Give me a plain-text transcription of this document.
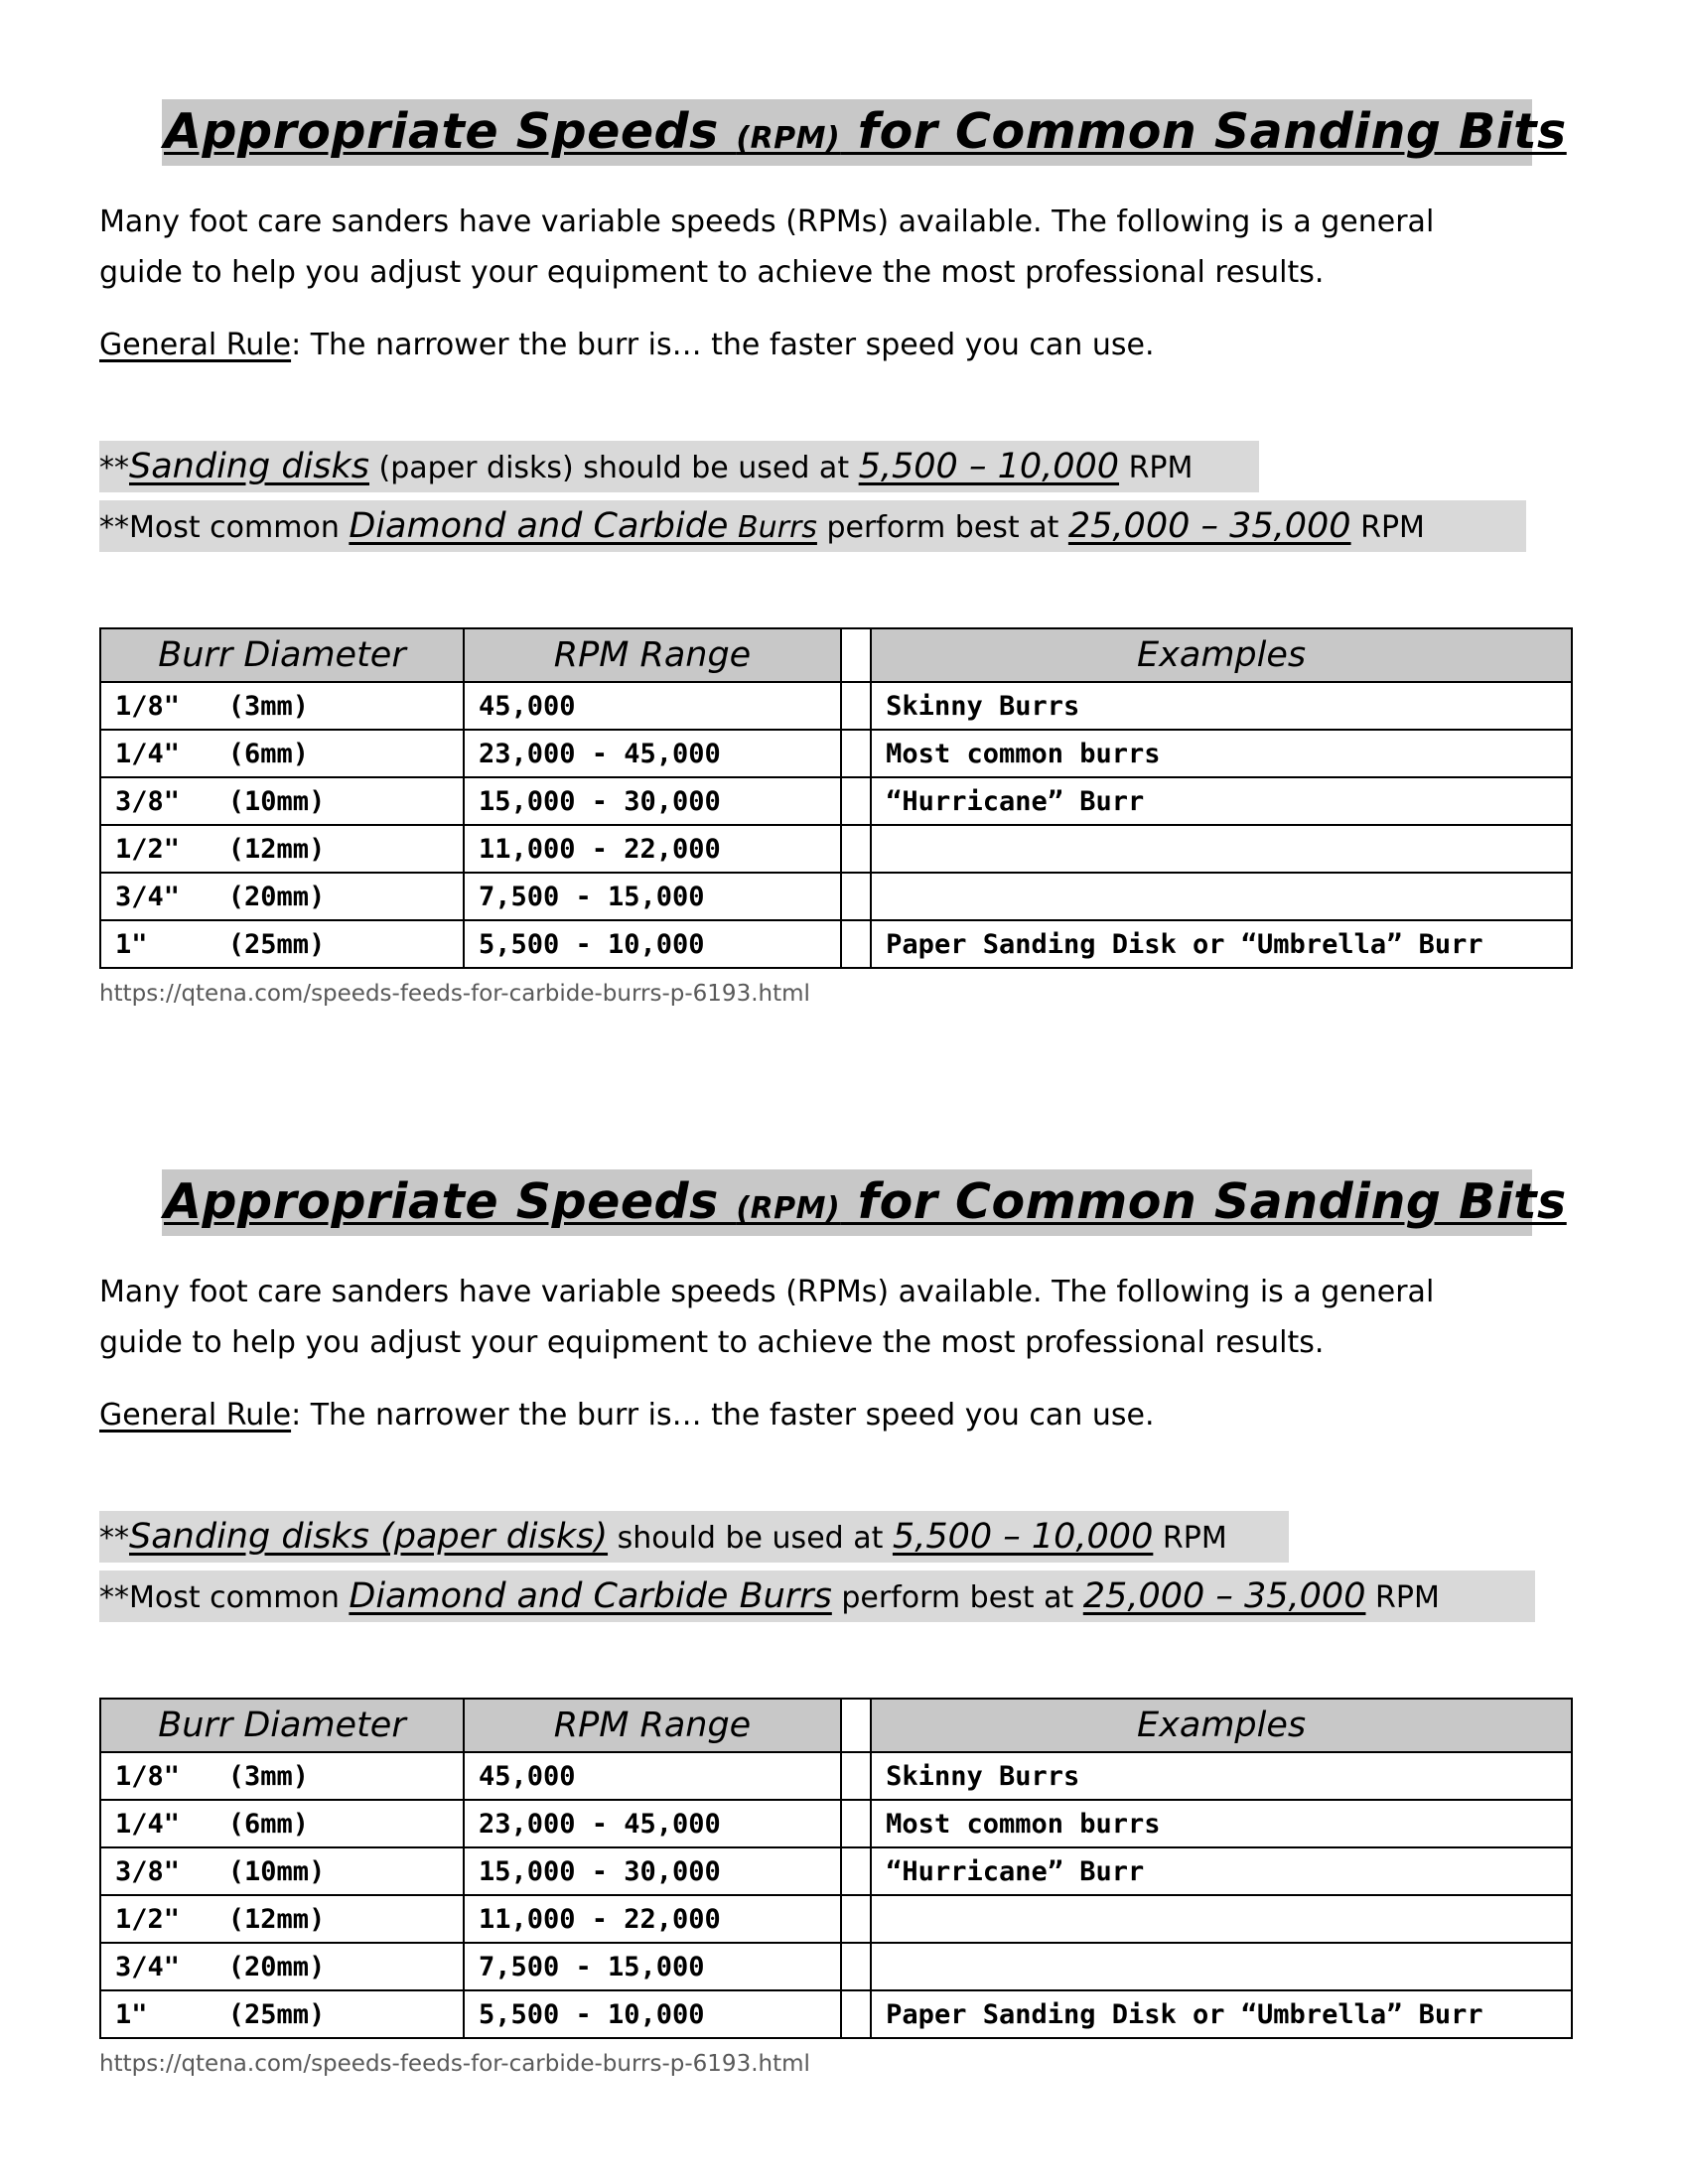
Appropriate Speeds (RPM) for Common Sanding Bits

Many foot care sanders have variable speeds (RPMs) available. The following is a general
guide to help you adjust your equipment to achieve the most professional results.

General Rule: The narrower the burr is… the faster speed you can use.

**Sanding disks (paper disks) should be used at 5,500 – 10,000 RPM
**Most common Diamond and Carbide Burrs perform best at 25,000 – 35,000 RPM
Burr Diameter	RPM Range		Examples
1/8"   (3mm)	45,000		Skinny Burrs
1/4"   (6mm)	23,000 - 45,000		Most common burrs
3/8"   (10mm)	15,000 - 30,000		“Hurricane” Burr
1/2"   (12mm)	11,000 - 22,000		
3/4"   (20mm)	7,500 - 15,000		
1"     (25mm)	5,500 - 10,000		Paper Sanding Disk or “Umbrella” Burr

https://qtena.com/speeds-feeds-for-carbide-burrs-p-6193.html

Appropriate Speeds (RPM) for Common Sanding Bits

Many foot care sanders have variable speeds (RPMs) available. The following is a general
guide to help you adjust your equipment to achieve the most professional results.

General Rule: The narrower the burr is… the faster speed you can use.

**Sanding disks (paper disks) should be used at 5,500 – 10,000 RPM
**Most common Diamond and Carbide Burrs perform best at 25,000 – 35,000 RPM
Burr Diameter	RPM Range		Examples
1/8"   (3mm)	45,000		Skinny Burrs
1/4"   (6mm)	23,000 - 45,000		Most common burrs
3/8"   (10mm)	15,000 - 30,000		“Hurricane” Burr
1/2"   (12mm)	11,000 - 22,000		
3/4"   (20mm)	7,500 - 15,000		
1"     (25mm)	5,500 - 10,000		Paper Sanding Disk or “Umbrella” Burr

https://qtena.com/speeds-feeds-for-carbide-burrs-p-6193.html
